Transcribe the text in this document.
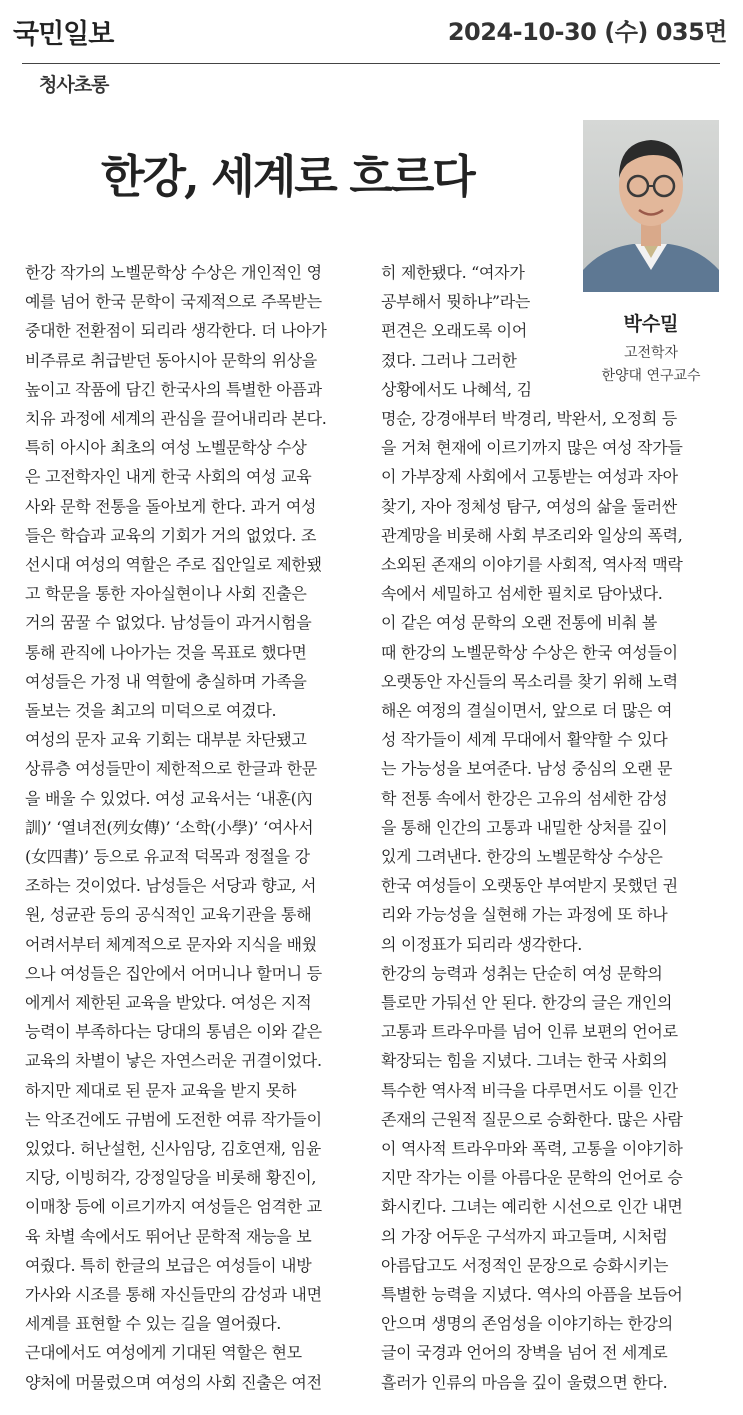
국민일보	2024-10-30 (수) 035면
청사초롱
한강, 세계로 흐르다
박수밀
고전학자
한양대 연구교수
한강 작가의 노벨문학상 수상은 개인적인 영
예를 넘어 한국 문학이 국제적으로 주목받는
중대한 전환점이 되리라 생각한다. 더 나아가
비주류로 취급받던 동아시아 문학의 위상을
높이고 작품에 담긴 한국사의 특별한 아픔과
치유 과정에 세계의 관심을 끌어내리라 본다.
특히 아시아 최초의 여성 노벨문학상 수상
은 고전학자인 내게 한국 사회의 여성 교육
사와 문학 전통을 돌아보게 한다. 과거 여성
들은 학습과 교육의 기회가 거의 없었다. 조
선시대 여성의 역할은 주로 집안일로 제한됐
고 학문을 통한 자아실현이나 사회 진출은
거의 꿈꿀 수 없었다. 남성들이 과거시험을
통해 관직에 나아가는 것을 목표로 했다면
여성들은 가정 내 역할에 충실하며 가족을
돌보는 것을 최고의 미덕으로 여겼다.
여성의 문자 교육 기회는 대부분 차단됐고
상류층 여성들만이 제한적으로 한글과 한문
을 배울 수 있었다. 여성 교육서는 ‘내훈(內
訓)’ ‘열녀전(列女傳)’ ‘소학(小學)’ ‘여사서
(女四書)’ 등으로 유교적 덕목과 정절을 강
조하는 것이었다. 남성들은 서당과 향교, 서
원, 성균관 등의 공식적인 교육기관을 통해
어려서부터 체계적으로 문자와 지식을 배웠
으나 여성들은 집안에서 어머니나 할머니 등
에게서 제한된 교육을 받았다. 여성은 지적
능력이 부족하다는 당대의 통념은 이와 같은
교육의 차별이 낳은 자연스러운 귀결이었다.
하지만 제대로 된 문자 교육을 받지 못하
는 악조건에도 규범에 도전한 여류 작가들이
있었다. 허난설헌, 신사임당, 김호연재, 임윤
지당, 이빙허각, 강정일당을 비롯해 황진이,
이매창 등에 이르기까지 여성들은 엄격한 교
육 차별 속에서도 뛰어난 문학적 재능을 보
여줬다. 특히 한글의 보급은 여성들이 내방
가사와 시조를 통해 자신들만의 감성과 내면
세계를 표현할 수 있는 길을 열어줬다.
근대에서도 여성에게 기대된 역할은 현모
양처에 머물렀으며 여성의 사회 진출은 여전
히 제한됐다. “여자가
공부해서 뭣하냐”라는
편견은 오래도록 이어
졌다. 그러나 그러한
상황에서도 나혜석, 김
명순, 강경애부터 박경리, 박완서, 오정희 등
을 거쳐 현재에 이르기까지 많은 여성 작가들
이 가부장제 사회에서 고통받는 여성과 자아
찾기, 자아 정체성 탐구, 여성의 삶을 둘러싼
관계망을 비롯해 사회 부조리와 일상의 폭력,
소외된 존재의 이야기를 사회적, 역사적 맥락
속에서 세밀하고 섬세한 필치로 담아냈다.
이 같은 여성 문학의 오랜 전통에 비춰 볼
때 한강의 노벨문학상 수상은 한국 여성들이
오랫동안 자신들의 목소리를 찾기 위해 노력
해온 여정의 결실이면서, 앞으로 더 많은 여
성 작가들이 세계 무대에서 활약할 수 있다
는 가능성을 보여준다. 남성 중심의 오랜 문
학 전통 속에서 한강은 고유의 섬세한 감성
을 통해 인간의 고통과 내밀한 상처를 깊이
있게 그려낸다. 한강의 노벨문학상 수상은
한국 여성들이 오랫동안 부여받지 못했던 권
리와 가능성을 실현해 가는 과정에 또 하나
의 이정표가 되리라 생각한다.
한강의 능력과 성취는 단순히 여성 문학의
틀로만 가둬선 안 된다. 한강의 글은 개인의
고통과 트라우마를 넘어 인류 보편의 언어로
확장되는 힘을 지녔다. 그녀는 한국 사회의
특수한 역사적 비극을 다루면서도 이를 인간
존재의 근원적 질문으로 승화한다. 많은 사람
이 역사적 트라우마와 폭력, 고통을 이야기하
지만 작가는 이를 아름다운 문학의 언어로 승
화시킨다. 그녀는 예리한 시선으로 인간 내면
의 가장 어두운 구석까지 파고들며, 시처럼
아름답고도 서정적인 문장으로 승화시키는
특별한 능력을 지녔다. 역사의 아픔을 보듬어
안으며 생명의 존엄성을 이야기하는 한강의
글이 국경과 언어의 장벽을 넘어 전 세계로
흘러가 인류의 마음을 깊이 울렸으면 한다.
